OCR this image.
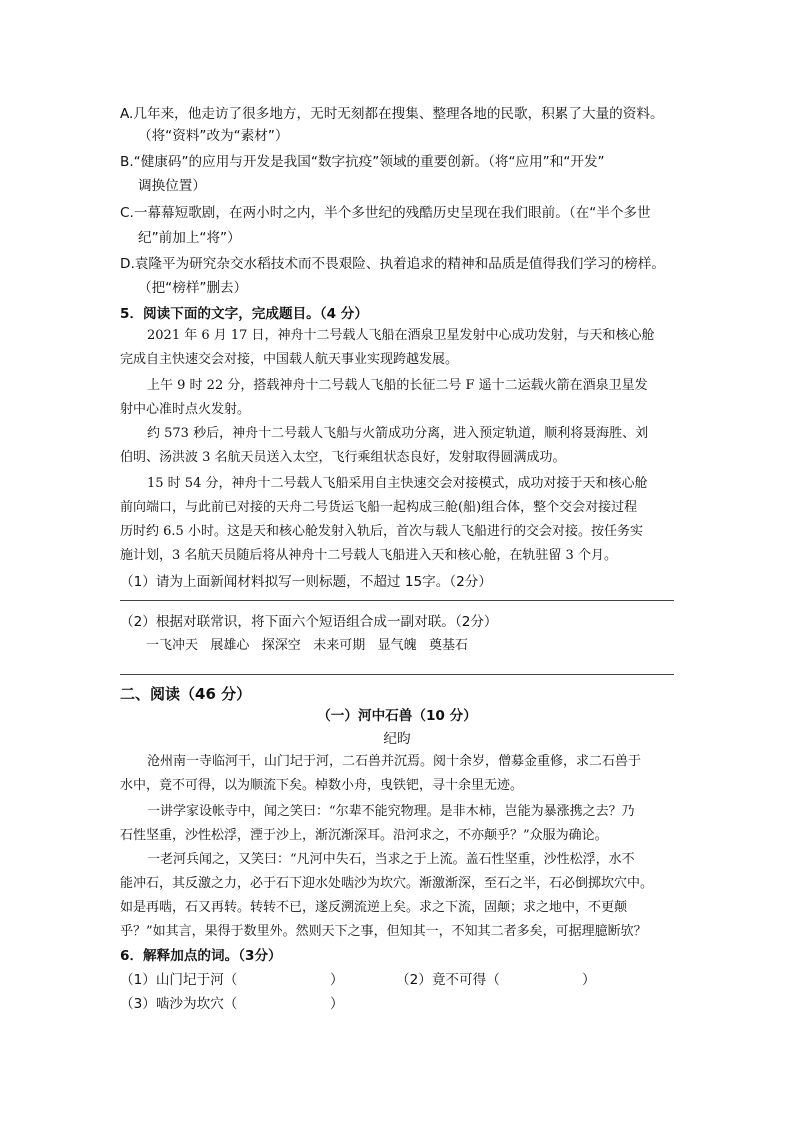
A.几年来，他走访了很多地方，无时无刻都在搜集、整理各地的民歌，积累了大量的资料。
（将“资料”改为“素材”）
B.“健康码”的应用与开发是我国“数字抗疫”领域的重要创新。（将“应用”和“开发”
调换位置）
C.一幕幕短歌剧，在两小时之内，半个多世纪的残酷历史呈现在我们眼前。（在“半个多世
纪”前加上“将”）
D.袁隆平为研究杂交水稻技术而不畏艰险、执着追求的精神和品质是值得我们学习的榜样。
（把“榜样”删去）
5．阅读下面的文字，完成题目。（4 分）
2021 年 6 月 17 日，神舟十二号载人飞船在酒泉卫星发射中心成功发射，与天和核心舱
完成自主快速交会对接，中国载人航天事业实现跨越发展。
上午 9 时 22 分，搭载神舟十二号载人飞船的长征二号 F 遥十二运载火箭在酒泉卫星发
射中心准时点火发射。
约 573 秒后，神舟十二号载人飞船与火箭成功分离，进入预定轨道，顺利将聂海胜、刘
伯明、汤洪波 3 名航天员送入太空，飞行乘组状态良好，发射取得圆满成功。
15 时 54 分，神舟十二号载人飞船采用自主快速交会对接模式，成功对接于天和核心舱
前向端口，与此前已对接的天舟二号货运飞船一起构成三舱(船)组合体，整个交会对接过程
历时约 6.5 小时。这是天和核心舱发射入轨后，首次与载人飞船进行的交会对接。按任务实
施计划，3 名航天员随后将从神舟十二号载人飞船进入天和核心舱，在轨驻留 3 个月。
（1）请为上面新闻材料拟写一则标题，不超过 15字。（2分）
（2）根据对联常识，将下面六个短语组合成一副对联。（2分）
一飞冲天   展雄心   探深空   未来可期   显气魄   奠基石
二、阅读（46 分）
（一）河中石兽（10 分）
纪昀
沧州南一寺临河干，山门圮于河，二石兽并沉焉。阅十余岁，僧募金重修，求二石兽于
水中，竟不可得，以为顺流下矣。棹数小舟，曳铁钯，寻十余里无迹。
一讲学家设帐寺中，闻之笑曰：“尔辈不能究物理。是非木柿，岂能为暴涨携之去？乃
石性坚重，沙性松浮，湮于沙上，渐沉渐深耳。沿河求之，不亦颠乎？”众服为确论。
一老河兵闻之，又笑曰：“凡河中失石，当求之于上流。盖石性坚重，沙性松浮，水不
能冲石，其反激之力，必于石下迎水处啮沙为坎穴。渐激渐深，至石之半，石必倒掷坎穴中。
如是再啮，石又再转。转转不已，遂反溯流逆上矣。求之下流，固颠；求之地中，不更颠
乎？”如其言，果得于数里外。然则天下之事，但知其一，不知其二者多矣，可据理臆断欤？
6．解释加点的词。（3分）
（1）山门圮于河（	）	（2）竟不可得（	）
（3）啮沙为坎穴（	）
